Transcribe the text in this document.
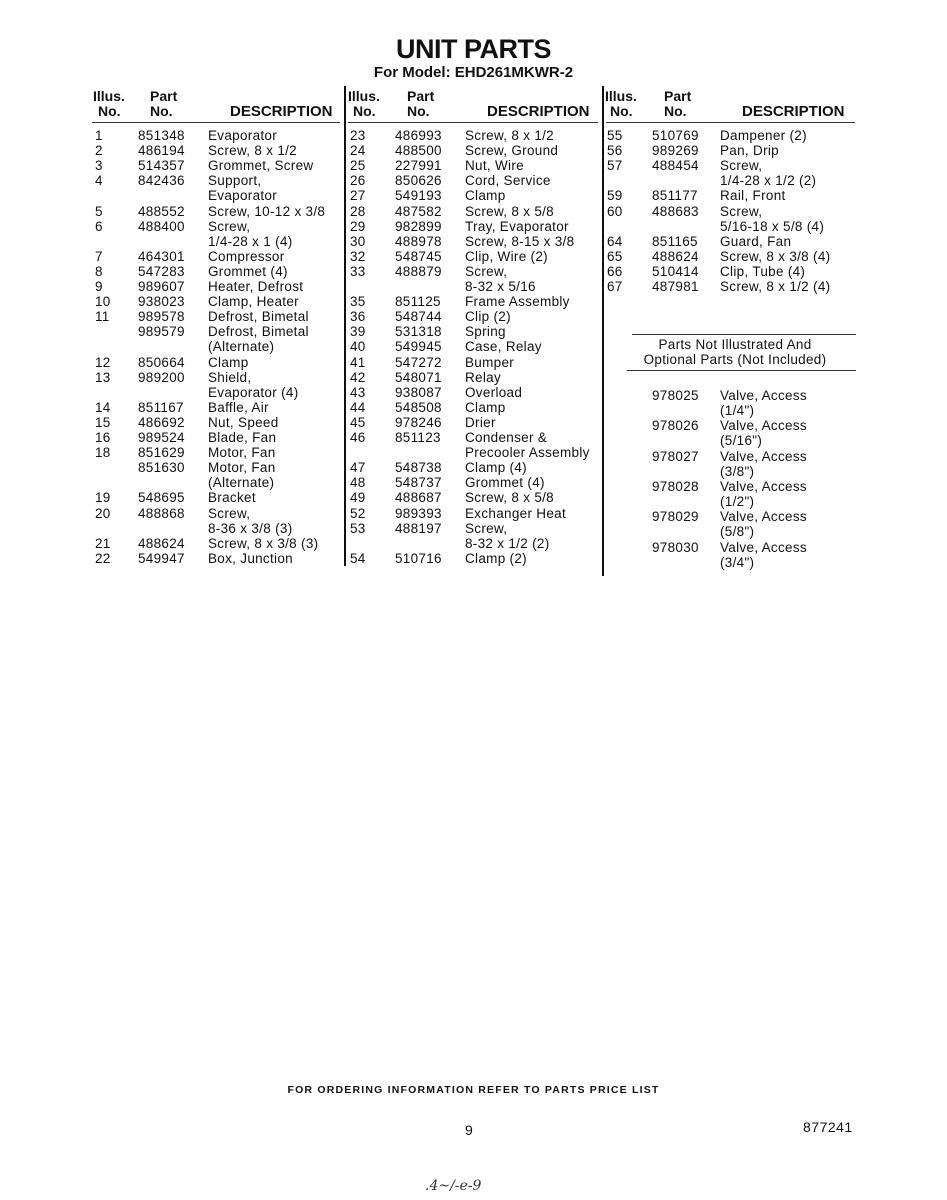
UNIT PARTS
For Model: EHD261MKWR-2
Illus.
No.
Part
No.	DESCRIPTION
Illus.
No.
Part
No.	DESCRIPTION
Illus.
No.
Part
No.	DESCRIPTION
1	851348 Evaporator
2	486194 Screw, 8 x 1/2
3	514357 Grommet, Screw
4	842436 Support,
Evaporator
5	488552 Screw, 10-12 x 3/8
6	488400 Screw,
1/4-28 x 1 (4)
7	464301 Compressor
8	547283 Grommet (4)
9	989607 Heater, Defrost
10 938023 Clamp, Heater
11 989578 Defrost, Bimetal
989579 Defrost, Bimetal
(Alternate)
12 850664 Clamp
13 989200 Shield,
Evaporator (4)
14 851167 Baffle, Air
15 486692 Nut, Speed
16 989524 Blade, Fan
18 851629 Motor, Fan
851630 Motor, Fan
(Alternate)
19 548695 Bracket
20 488868 Screw,
8-36 x 3/8 (3)
21 488624 Screw, 8 x 3/8 (3)
22 549947 Box, Junction
23 486993 Screw, 8 x 1/2
24 488500 Screw, Ground
25 227991 Nut, Wire
26 850626 Cord, Service
27 549193 Clamp
28 487582 Screw, 8 x 5/8
29 982899 Tray, Evaporator
30 488978 Screw, 8-15 x 3/8
32 548745 Clip, Wire (2)
33 488879 Screw,
8-32 x 5/16
35 851125 Frame Assembly
36 548744 Clip (2)
39 531318 Spring
40 549945 Case, Relay
41 547272 Bumper
42 548071 Relay
43 938087 Overload
44 548508 Clamp
45 978246 Drier
46 851123 Condenser &
Precooler Assembly
47 548738 Clamp (4)
48 548737 Grommet (4)
49 488687 Screw, 8 x 5/8
52 989393 Exchanger Heat
53 488197 Screw,
8-32 x 1/2 (2)
54 510716 Clamp (2)
55 510769 Dampener (2)
56 989269 Pan, Drip
57 488454 Screw,
1/4-28 x 1/2 (2)
59 851177 Rail, Front
60 488683 Screw,
5/16-18 x 5/8 (4)
64 851165 Guard, Fan
65 488624 Screw, 8 x 3/8 (4)
66 510414 Clip, Tube (4)
67 487981 Screw, 8 x 1/2 (4)
Parts Not Illustrated And
Optional Parts (Not Included)
978025 Valve, Access
(1/4")
978026 Valve, Access
(5/16")
978027 Valve, Access
(3/8")
978028 Valve, Access
(1/2")
978029 Valve, Access
(5/8")
978030 Valve, Access
(3/4")
FOR ORDERING INFORMATION REFER TO PARTS PRICE LIST
9	877241
.4~/-e-9
